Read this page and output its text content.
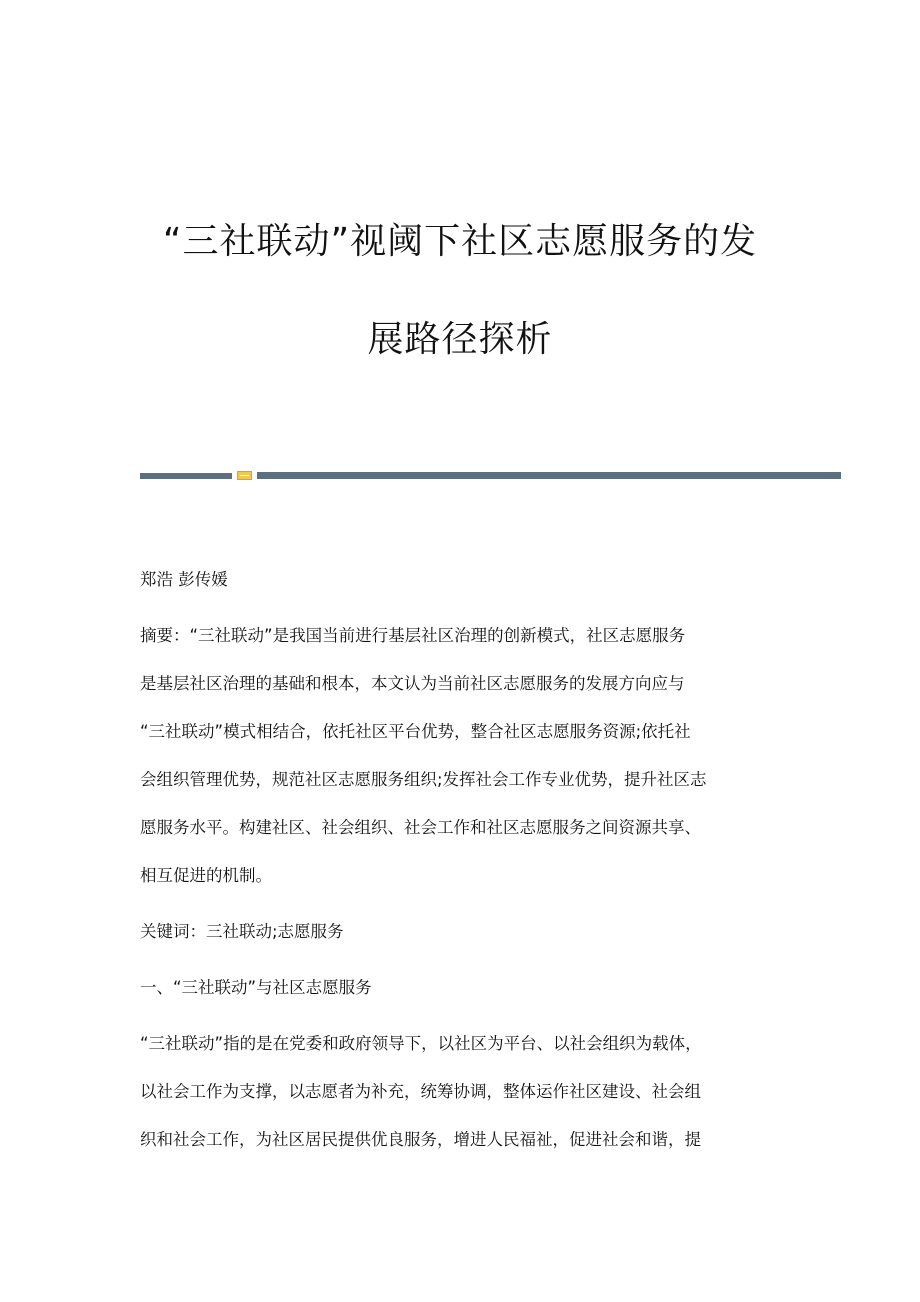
“三社联动”视阈下社区志愿服务的发
展路径探析
郑浩 彭传媛
摘要：“三社联动”是我国当前进行基层社区治理的创新模式，社区志愿服务
是基层社区治理的基础和根本，本文认为当前社区志愿服务的发展方向应与
“三社联动”模式相结合，依托社区平台优势，整合社区志愿服务资源;依托社
会组织管理优势，规范社区志愿服务组织;发挥社会工作专业优势，提升社区志
愿服务水平。构建社区、社会组织、社会工作和社区志愿服务之间资源共享、
相互促进的机制。
关键词：三社联动;志愿服务
一、“三社联动”与社区志愿服务
“三社联动”指的是在党委和政府领导下，以社区为平台、以社会组织为载体，
以社会工作为支撑，以志愿者为补充，统筹协调，整体运作社区建设、社会组
织和社会工作，为社区居民提供优良服务，增进人民福祉，促进社会和谐，提
